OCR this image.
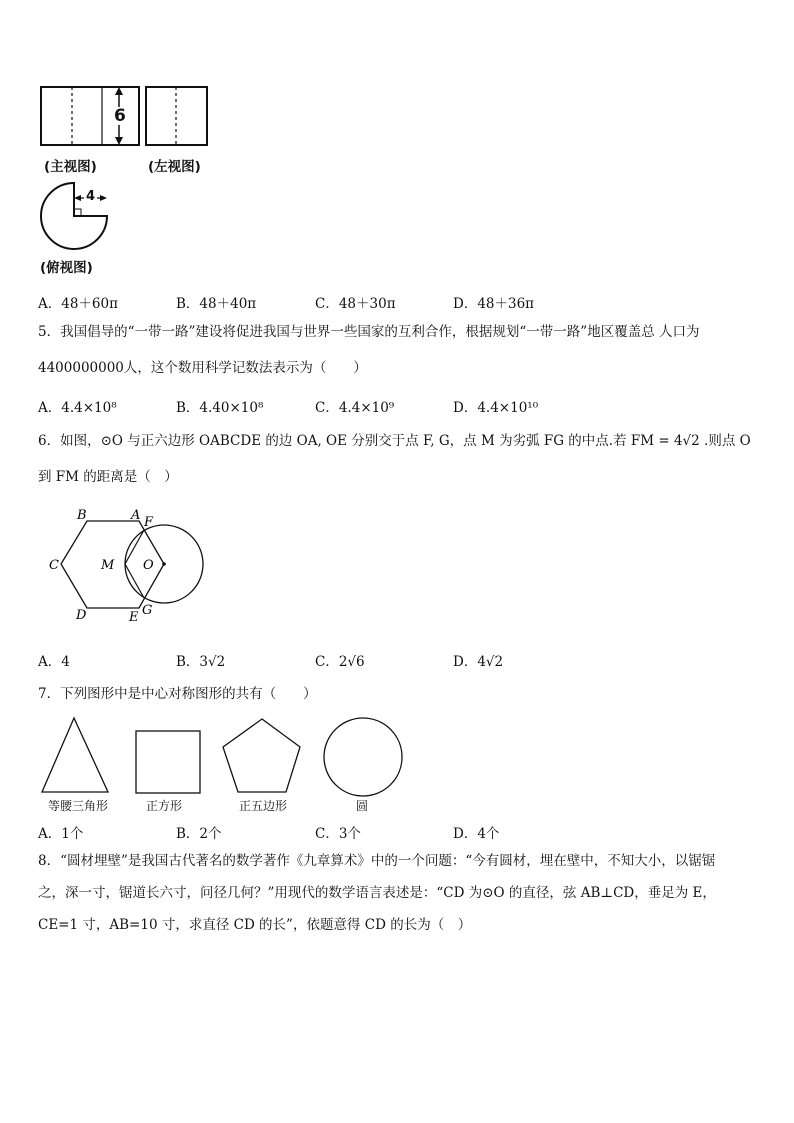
6
4
(主视图)	(左视图)
(俯视图)
A．48＋60π	B．48＋40π	C．48＋30π	D．48＋36π
5．我国倡导的“一带一路”建设将促进我国与世界一些国家的互利合作，根据规划“一带一路”地区覆盖总 人口为
4400000000人，这个数用科学记数法表示为（　　）
A．4.4×10⁸	B．4.40×10⁸	C．4.4×10⁹	D．4.4×10¹⁰
6．如图，⊙O 与正六边形 OABCDE 的边 OA, OE 分别交于点 F, G，点 M 为劣弧 FG 的中点.若 FM = 4√2 .则点 O
到 FM 的距离是（　）
A
B
C
D	E
F
G
M O
A．4	B．3√2	C．2√6	D．4√2
7．下列图形中是中心对称图形的共有（　　）
等腰三角形	正方形	正五边形	圆
A．1个	B．2个	C．3个	D．4个
8．“圆材埋壁”是我国古代著名的数学著作《九章算术》中的一个问题：“今有圆材，埋在壁中，不知大小，以锯锯
之，深一寸，锯道长六寸，问径几何？”用现代的数学语言表述是：“CD 为⊙O 的直径，弦 AB⊥CD，垂足为 E，
CE=1 寸，AB=10 寸，求直径 CD 的长”，依题意得 CD 的长为（　）
